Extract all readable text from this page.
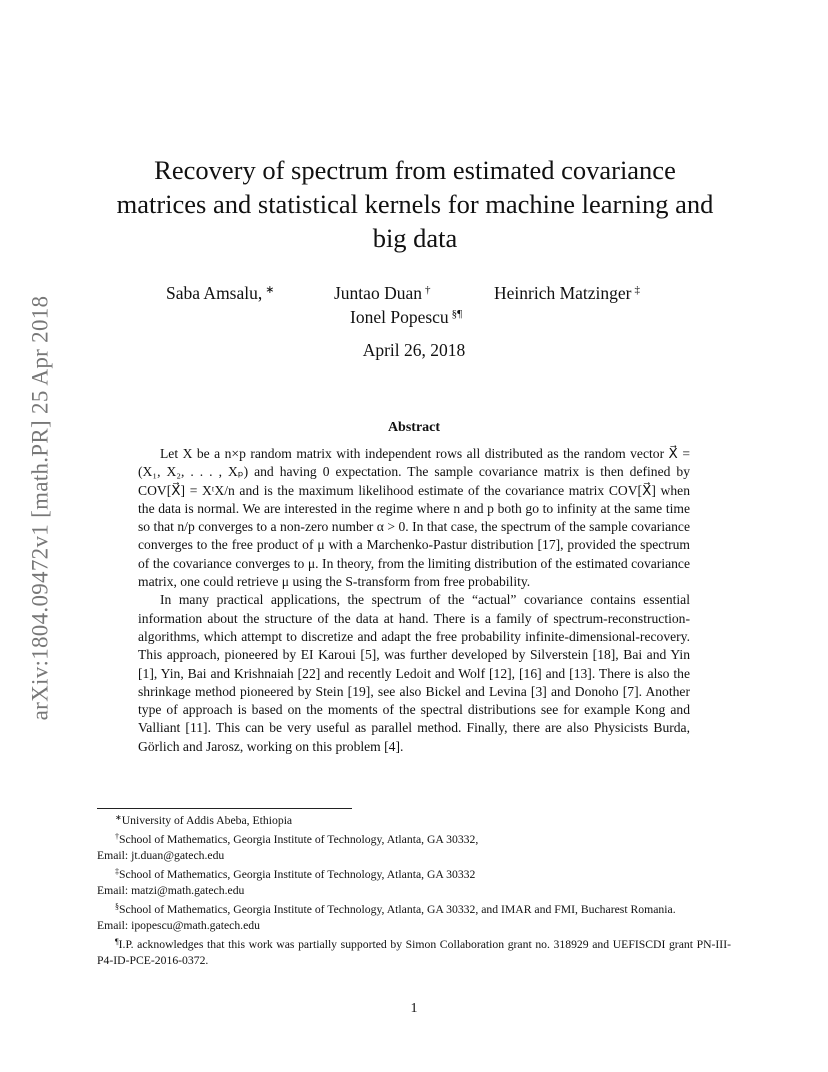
arXiv:1804.09472v1 [math.PR] 25 Apr 2018
Recovery of spectrum from estimated covariance
matrices and statistical kernels for machine learning and
big data
Saba Amsalu, ∗	Juntao Duan †	Heinrich Matzinger ‡
Ionel Popescu §¶
April 26, 2018
Abstract

Let X be a n×p random matrix with independent rows all distributed as the random vector X⃗ = (X₁, X₂, . . . , Xₚ) and having 0 expectation. The sample covariance matrix is then defined by COV[X⃗] = XᵗX/n and is the maximum likelihood estimate of the covariance matrix COV[X⃗] when the data is normal. We are interested in the regime where n and p both go to infinity at the same time so that n/p converges to a non-zero number α > 0. In that case, the spectrum of the sample covariance converges to the free product of μ with a Marchenko-Pastur distribution [17], provided the spectrum of the covariance converges to μ. In theory, from the limiting distribution of the estimated covariance matrix, one could retrieve μ using the S-transform from free probability.

In many practical applications, the spectrum of the “actual” covariance contains essential information about the structure of the data at hand. There is a family of spectrum-reconstruction-algorithms, which attempt to discretize and adapt the free probability infinite-dimensional-recovery. This approach, pioneered by EI Karoui [5], was further developed by Silverstein [18], Bai and Yin [1], Yin, Bai and Krishnaiah [22] and recently Ledoit and Wolf [12], [16] and [13]. There is also the shrinkage method pioneered by Stein [19], see also Bickel and Levina [3] and Donoho [7]. Another type of approach is based on the moments of the spectral distributions see for example Kong and Valliant [11]. This can be very useful as parallel method. Finally, there are also Physicists Burda, Görlich and Jarosz, working on this problem [4].

∗University of Addis Abeba, Ethiopia

†School of Mathematics, Georgia Institute of Technology, Atlanta, GA 30332,

Email: jt.duan@gatech.edu

‡School of Mathematics, Georgia Institute of Technology, Atlanta, GA 30332

Email: matzi@math.gatech.edu

§School of Mathematics, Georgia Institute of Technology, Atlanta, GA 30332, and IMAR and FMI, Bucharest Romania.

Email: ipopescu@math.gatech.edu

¶I.P. acknowledges that this work was partially supported by Simon Collaboration grant no. 318929 and UEFISCDI grant PN-III-P4-ID-PCE-2016-0372.

1
